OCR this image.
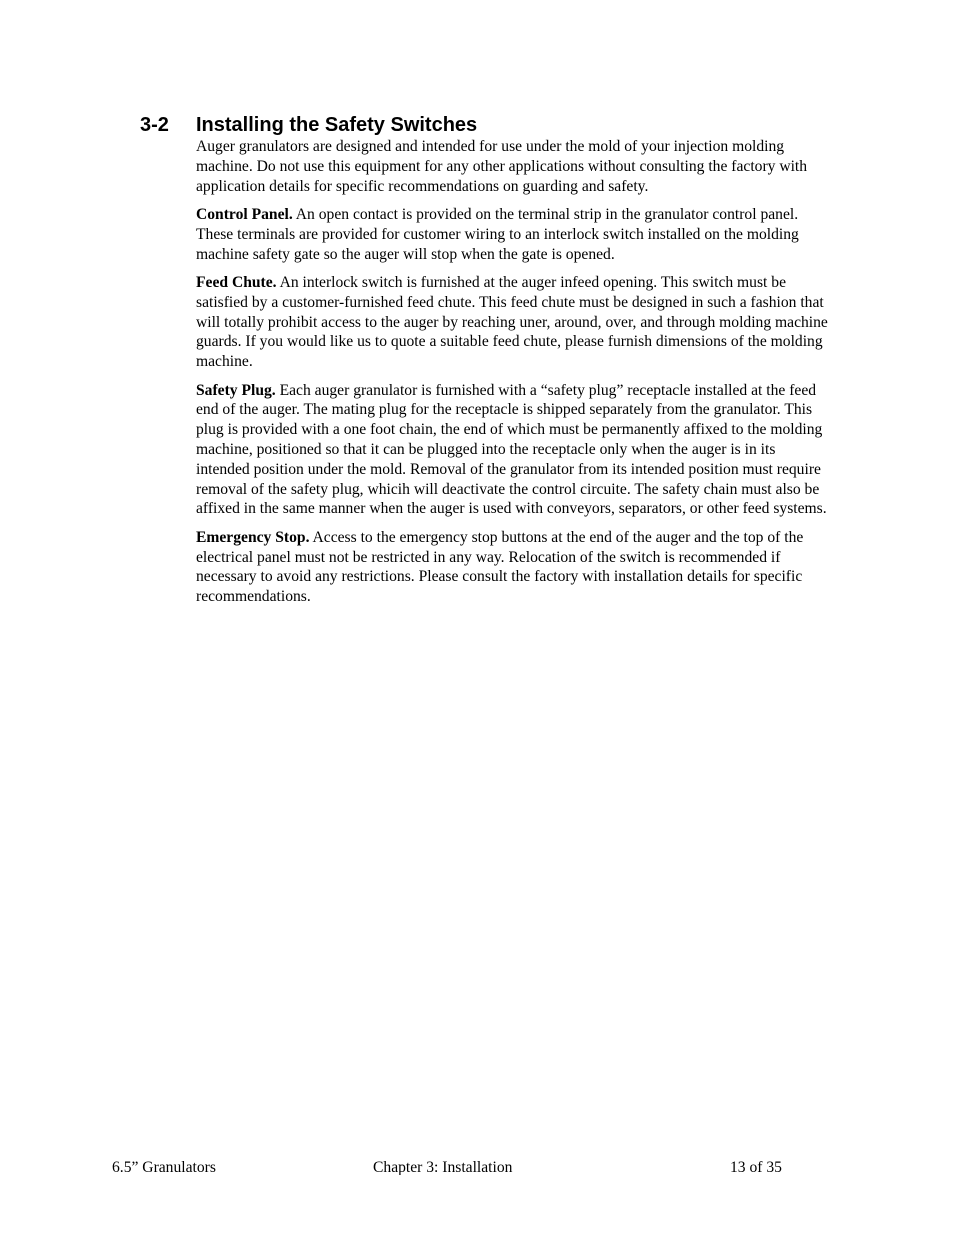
3-2 Installing the Safety Switches

Auger granulators are designed and intended for use under the mold of your injection molding machine. Do not use this equipment for any other applications without consulting the factory with application details for specific recommendations on guarding and safety.

Control Panel. An open contact is provided on the terminal strip in the granulator control panel. These terminals are provided for customer wiring to an interlock switch installed on the molding machine safety gate so the auger will stop when the gate is opened.

Feed Chute. An interlock switch is furnished at the auger infeed opening. This switch must be satisfied by a customer-furnished feed chute. This feed chute must be designed in such a fashion that will totally prohibit access to the auger by reaching uner, around, over, and through molding machine guards. If you would like us to quote a suitable feed chute, please furnish dimensions of the molding machine.

Safety Plug. Each auger granulator is furnished with a “safety plug” receptacle installed at the feed end of the auger. The mating plug for the receptacle is shipped separately from the granulator. This plug is provided with a one foot chain, the end of which must be permanently affixed to the molding machine, positioned so that it can be plugged into the receptacle only when the auger is in its intended position under the mold. Removal of the granulator from its intended position must require removal of the safety plug, whicih will deactivate the control circuite. The safety chain must also be affixed in the same manner when the auger is used with conveyors, separators, or other feed systems.

Emergency Stop. Access to the emergency stop buttons at the end of the auger and the top of the electrical panel must not be restricted in any way. Relocation of the switch is recommended if necessary to avoid any restrictions. Please consult the factory with installation details for specific recommendations.

6.5” Granulators	Chapter 3: Installation	13 of 35
